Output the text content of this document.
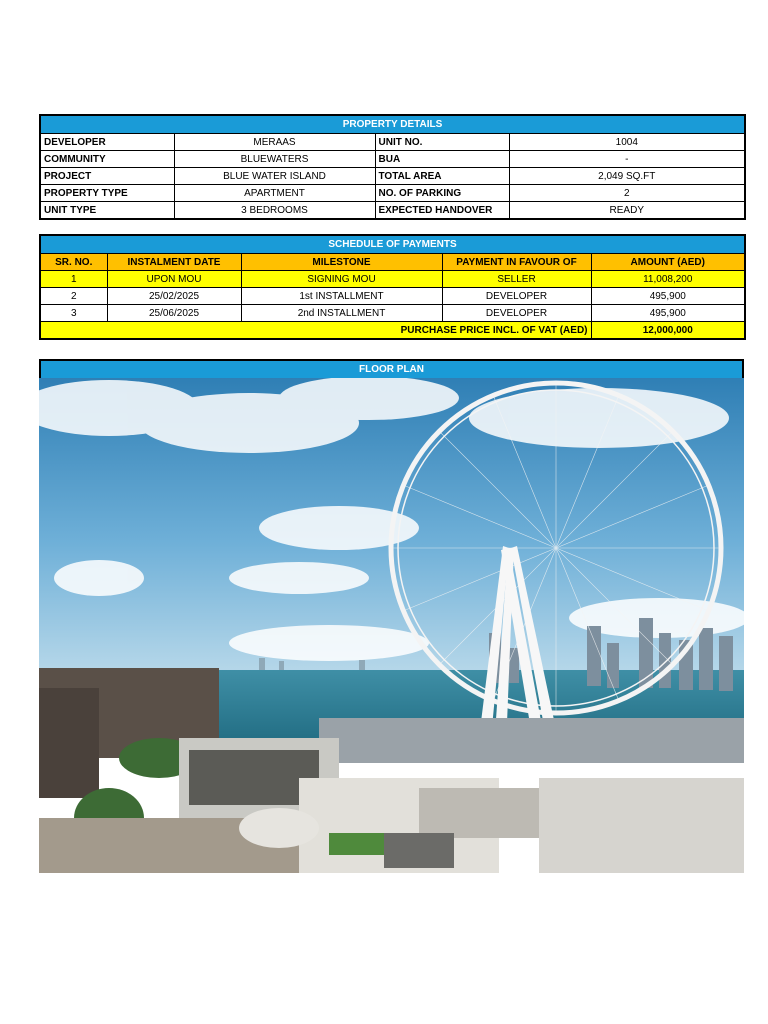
PROPERTY DETAILS			
DEVELOPER	MERAAS	UNIT NO.	1004
COMMUNITY	BLUEWATERS	BUA	-
PROJECT	BLUE WATER ISLAND	TOTAL AREA	2,049 SQ.FT
PROPERTY TYPE	APARTMENT	NO. OF PARKING	2
UNIT TYPE	3 BEDROOMS	EXPECTED HANDOVER	READY
SCHEDULE OF PAYMENTS				
SR. NO.	INSTALMENT DATE	MILESTONE	PAYMENT IN FAVOUR OF	AMOUNT (AED)
1	UPON MOU	SIGNING MOU	SELLER	11,008,200
2	25/02/2025	1st INSTALLMENT	DEVELOPER	495,900
3	25/06/2025	2nd INSTALLMENT	DEVELOPER	495,900
PURCHASE PRICE INCL. OF VAT (AED)				12,000,000
FLOOR PLAN
